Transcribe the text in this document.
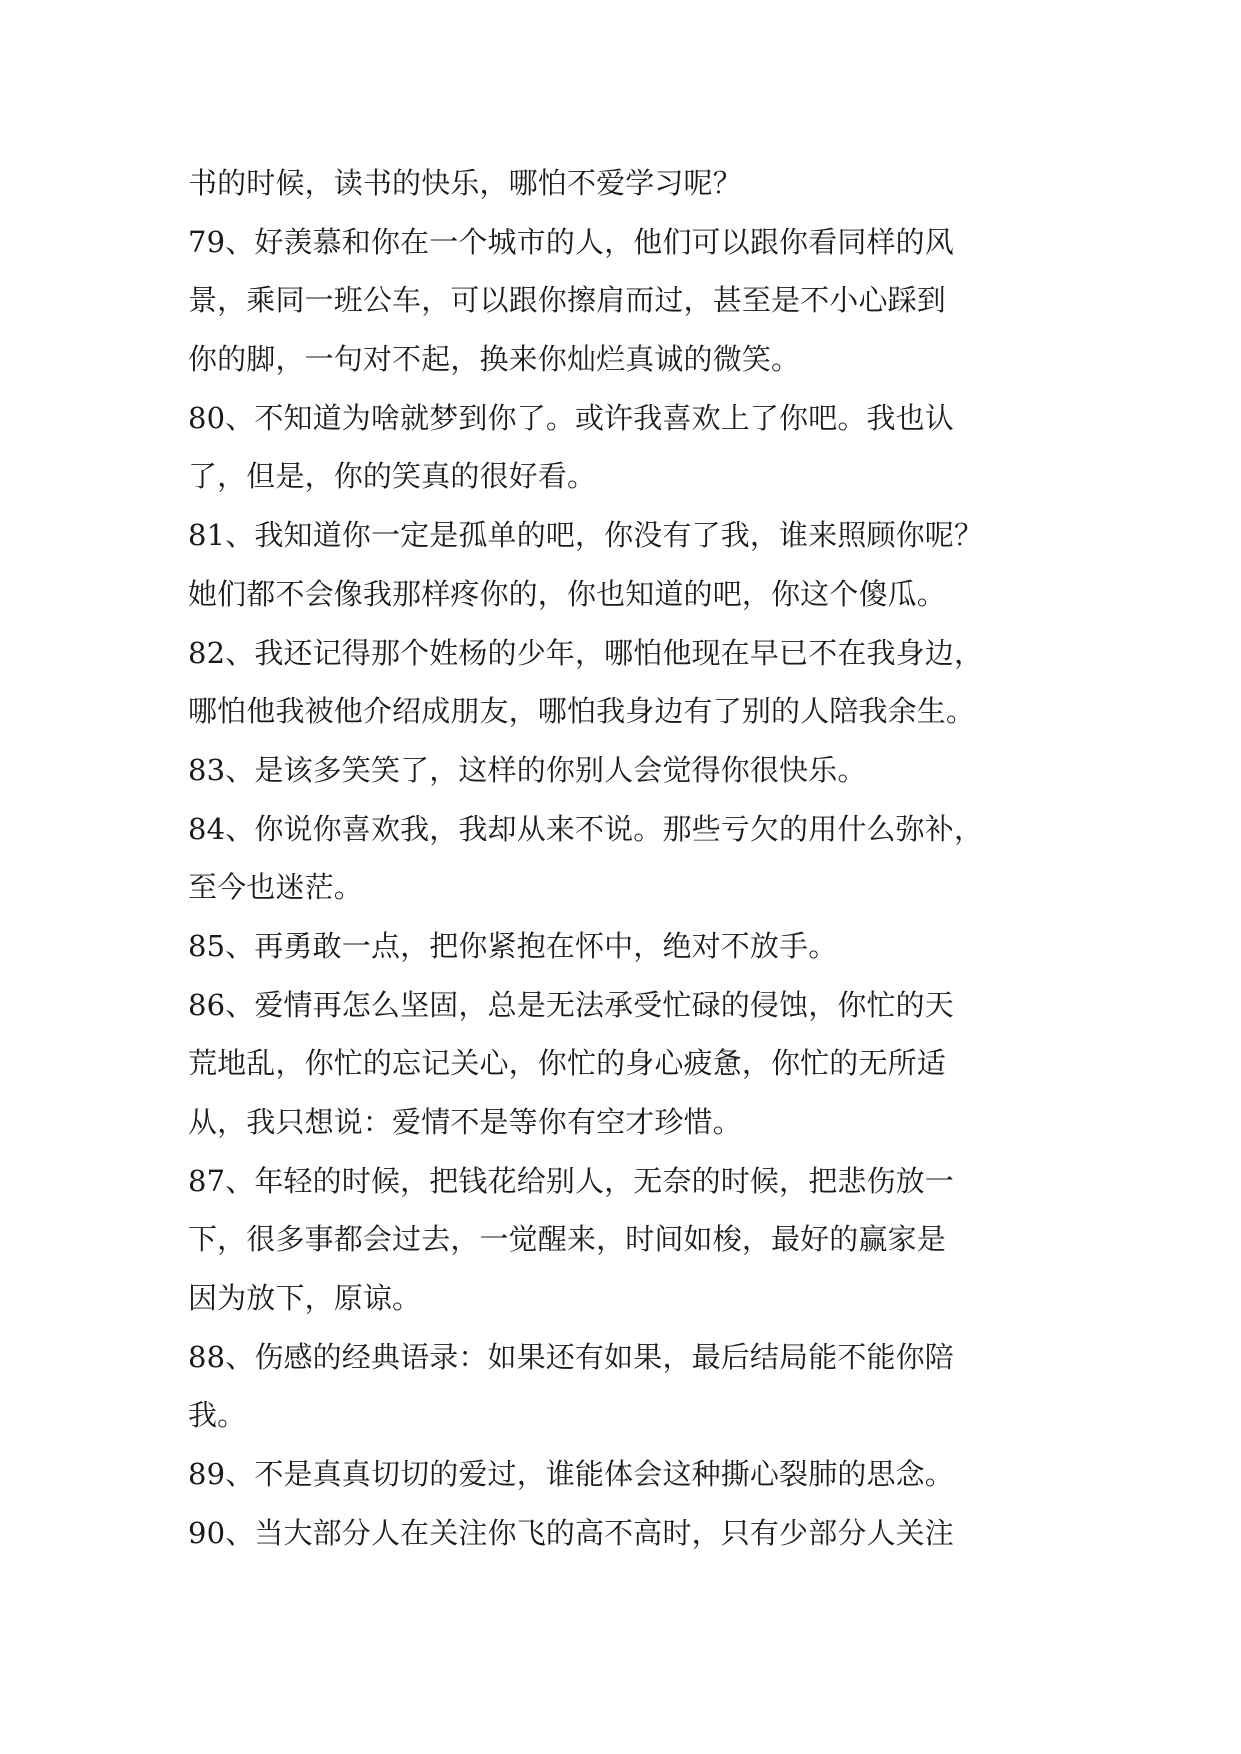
书的时候，读书的快乐，哪怕不爱学习呢？
79、好羡慕和你在一个城市的人，他们可以跟你看同样的风
景，乘同一班公车，可以跟你擦肩而过，甚至是不小心踩到
你的脚，一句对不起，换来你灿烂真诚的微笑。
80、不知道为啥就梦到你了。或许我喜欢上了你吧。我也认
了，但是，你的笑真的很好看。
81、我知道你一定是孤单的吧，你没有了我，谁来照顾你呢？
她们都不会像我那样疼你的，你也知道的吧，你这个傻瓜。
82、我还记得那个姓杨的少年，哪怕他现在早已不在我身边，
哪怕他我被他介绍成朋友，哪怕我身边有了别的人陪我余生。
83、是该多笑笑了，这样的你别人会觉得你很快乐。
84、你说你喜欢我，我却从来不说。那些亏欠的用什么弥补，
至今也迷茫。
85、再勇敢一点，把你紧抱在怀中，绝对不放手。
86、爱情再怎么坚固，总是无法承受忙碌的侵蚀，你忙的天
荒地乱，你忙的忘记关心，你忙的身心疲惫，你忙的无所适
从，我只想说：爱情不是等你有空才珍惜。
87、年轻的时候，把钱花给别人，无奈的时候，把悲伤放一
下，很多事都会过去，一觉醒来，时间如梭，最好的赢家是
因为放下，原谅。
88、伤感的经典语录：如果还有如果，最后结局能不能你陪
我。
89、不是真真切切的爱过，谁能体会这种撕心裂肺的思念。
90、当大部分人在关注你飞的高不高时，只有少部分人关注
